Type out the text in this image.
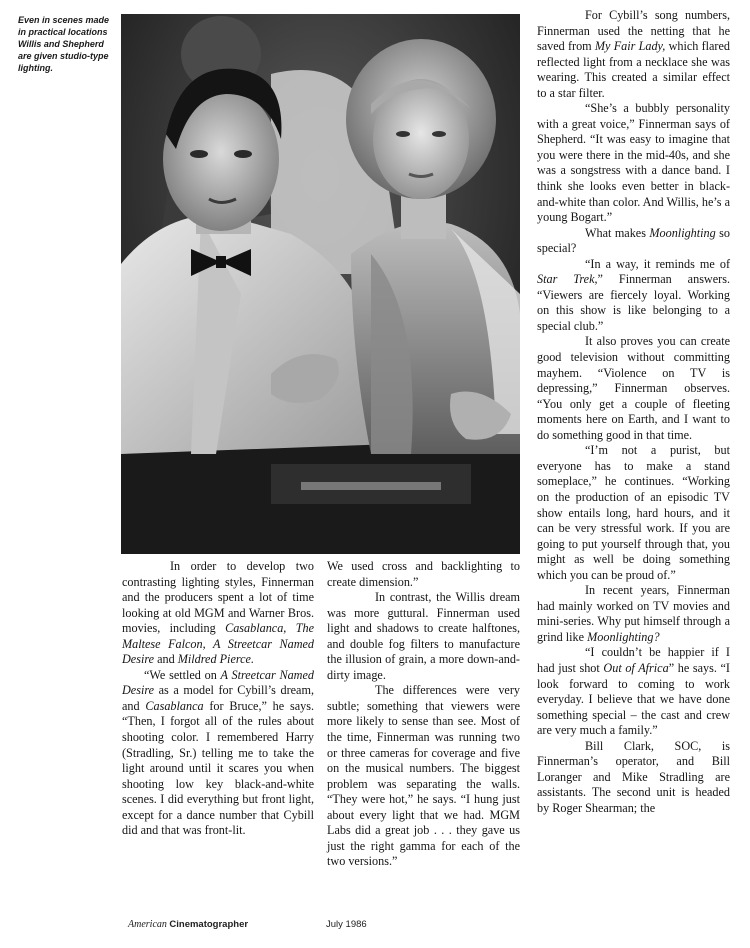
Even in scenes made in practical locations Willis and Shepherd are given studio-type lighting.

In order to develop two contrasting lighting styles, Finnerman and the producers spent a lot of time looking at old MGM and Warner Bros. movies, including Casablanca, The Maltese Falcon, A Streetcar Named Desire and Mildred Pierce.

“We settled on A Streetcar Named Desire as a model for Cybill’s dream, and Casablanca for Bruce,” he says. “Then, I forgot all of the rules about shooting color. I remembered Harry (Stradling, Sr.) telling me to take the light around until it scares you when shooting low key black-and-white scenes. I did everything but front light, except for a dance number that Cybill did and that was front-lit.

We used cross and backlighting to create dimension.”

In contrast, the Willis dream was more guttural. Finnerman used light and shadows to create halftones, and double fog filters to manufacture the illusion of grain, a more down-and-dirty image.

The differences were very subtle; something that viewers were more likely to sense than see. Most of the time, Finnerman was running two or three cameras for coverage and five on the musical numbers. The biggest problem was separating the walls. “They were hot,” he says. “I hung just about every light that we had. MGM Labs did a great job . . . they gave us just the right gamma for each of the two versions.”

For Cybill’s song numbers, Finnerman used the netting that he saved from My Fair Lady, which flared reflected light from a necklace she was wearing. This created a similar effect to a star filter.

“She’s a bubbly personality with a great voice,” Finnerman says of Shepherd. “It was easy to imagine that you were there in the mid-40s, and she was a songstress with a dance band. I think she looks even better in black-and-white than color. And Willis, he’s a young Bogart.”

What makes Moonlighting so special?

“In a way, it reminds me of Star Trek,” Finnerman answers. “Viewers are fiercely loyal. Working on this show is like belonging to a special club.”

It also proves you can create good television without committing mayhem. “Violence on TV is depressing,” Finnerman observes. “You only get a couple of fleeting moments here on Earth, and I want to do something good in that time.

“I’m not a purist, but everyone has to make a stand someplace,” he continues. “Working on the production of an episodic TV show entails long, hard hours, and it can be very stressful work. If you are going to put yourself through that, you might as well be doing something which you can be proud of.”

In recent years, Finnerman had mainly worked on TV movies and mini-series. Why put himself through a grind like Moonlighting?

“I couldn’t be happier if I had just shot Out of Africa” he says. “I look forward to coming to work everyday. I believe that we have done something special – the cast and crew are very much a family.”

Bill Clark, SOC, is Finnerman’s operator, and Bill Loranger and Mike Stradling are assistants. The second unit is headed by Roger Shearman; the

American Cinematographer	July 1986
